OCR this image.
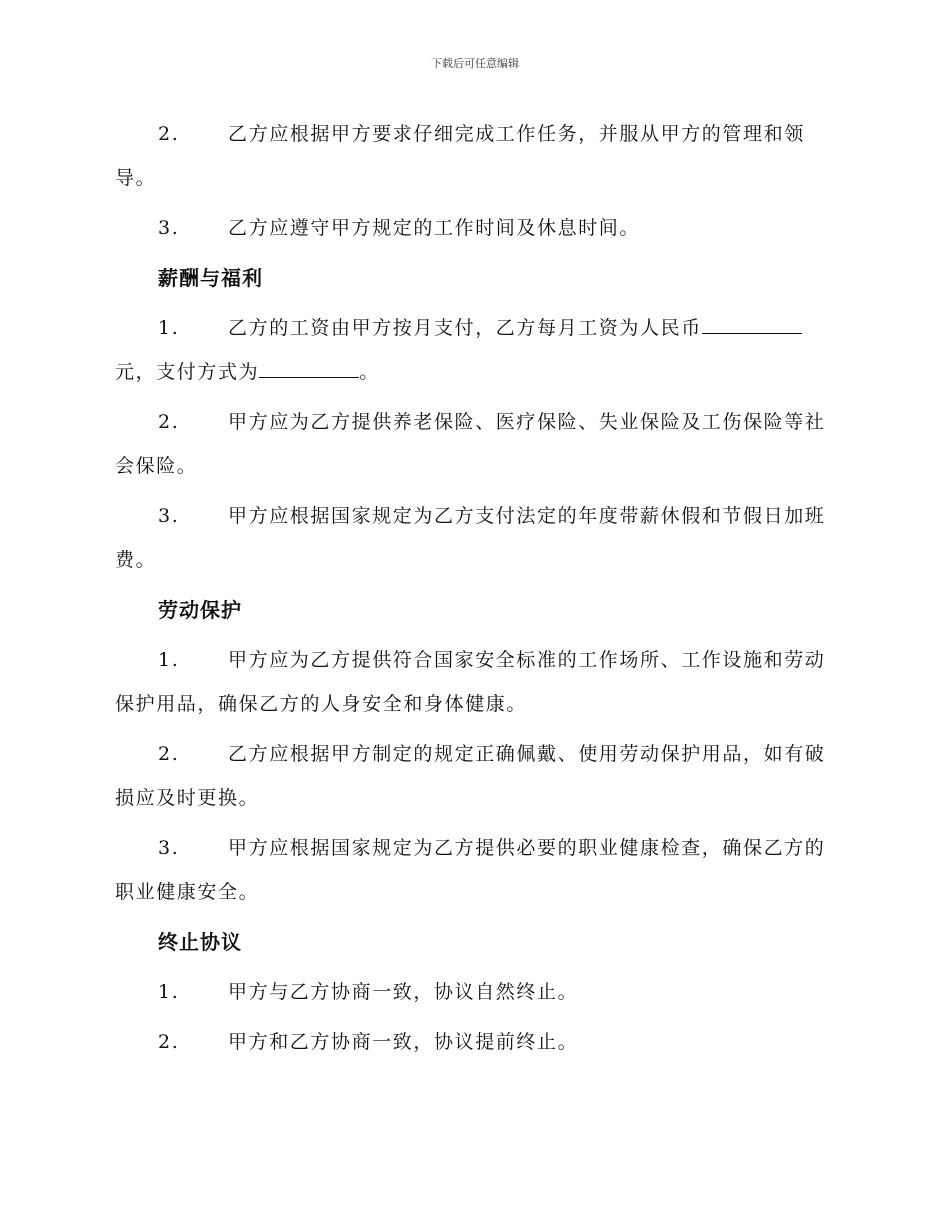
下载后可任意编辑
2.	乙方应根据甲方要求仔细完成工作任务，并服从甲方的管理和领导。
3.	乙方应遵守甲方规定的工作时间及休息时间。
薪酬与福利
1.	乙方的工资由甲方按月支付，乙方每月工资为人民币元，支付方式为	。
2.	甲方应为乙方提供养老保险、医疗保险、失业保险及工伤保险等社会保险。
3.	甲方应根据国家规定为乙方支付法定的年度带薪休假和节假日加班费。
劳动保护
1.	甲方应为乙方提供符合国家安全标准的工作场所、工作设施和劳动保护用品，确保乙方的人身安全和身体健康。
2.	乙方应根据甲方制定的规定正确佩戴、使用劳动保护用品，如有破损应及时更换。
3.	甲方应根据国家规定为乙方提供必要的职业健康检查，确保乙方的职业健康安全。
终止协议
1.	甲方与乙方协商一致，协议自然终止。
2.	甲方和乙方协商一致，协议提前终止。
